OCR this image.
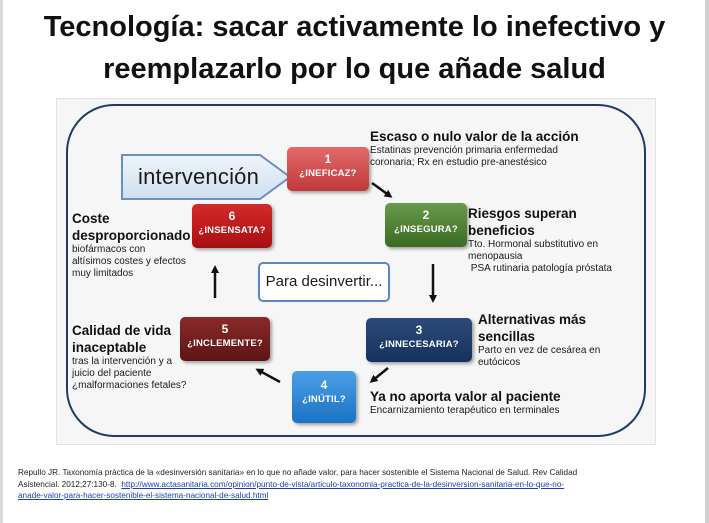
Tecnología: sacar activamente lo inefectivo y
reemplazarlo por lo que añade salud
intervención
Para desinvertir...
1
¿INEFICAZ?
2
¿INSEGURA?
3
¿INNECESARIA?
4
¿INÚTIL?
5
¿INCLEMENTE?
6
¿INSENSATA?
Escaso o nulo valor de la acción
Estatinas prevención primaria enfermedad
coronaria; Rx en estudio pre-anestésico
Riesgos superan
beneficios
Tto. Hormonal substitutivo en
menopausia
PSA rutinaria patología próstata
Alternativas más
sencillas
Parto en vez de cesárea en
eutócicos
Ya no aporta valor al paciente
Encarnizamiento terapéutico en terminales
Calidad de vida
inaceptable
tras la intervención y a
juicio del paciente
¿malformaciones fetales?
Coste
desproporcionado
biofármacos con
altísimos costes y efectos
muy limitados
Repullo JR. Taxonomía práctica de la «desinversión sanitaria» en lo que no añade valor, para hacer sostenible el Sistema Nacional de Salud. Rev Calidad
Asistencial. 2012;27:130-8. http://www.actasanitaria.com/opinion/punto-de-vista/articulo-taxonomia-practica-de-la-desinversion-sanitaria-en-lo-que-no-
anade-valor-para-hacer-sostenible-el-sistema-nacional-de-salud.html
